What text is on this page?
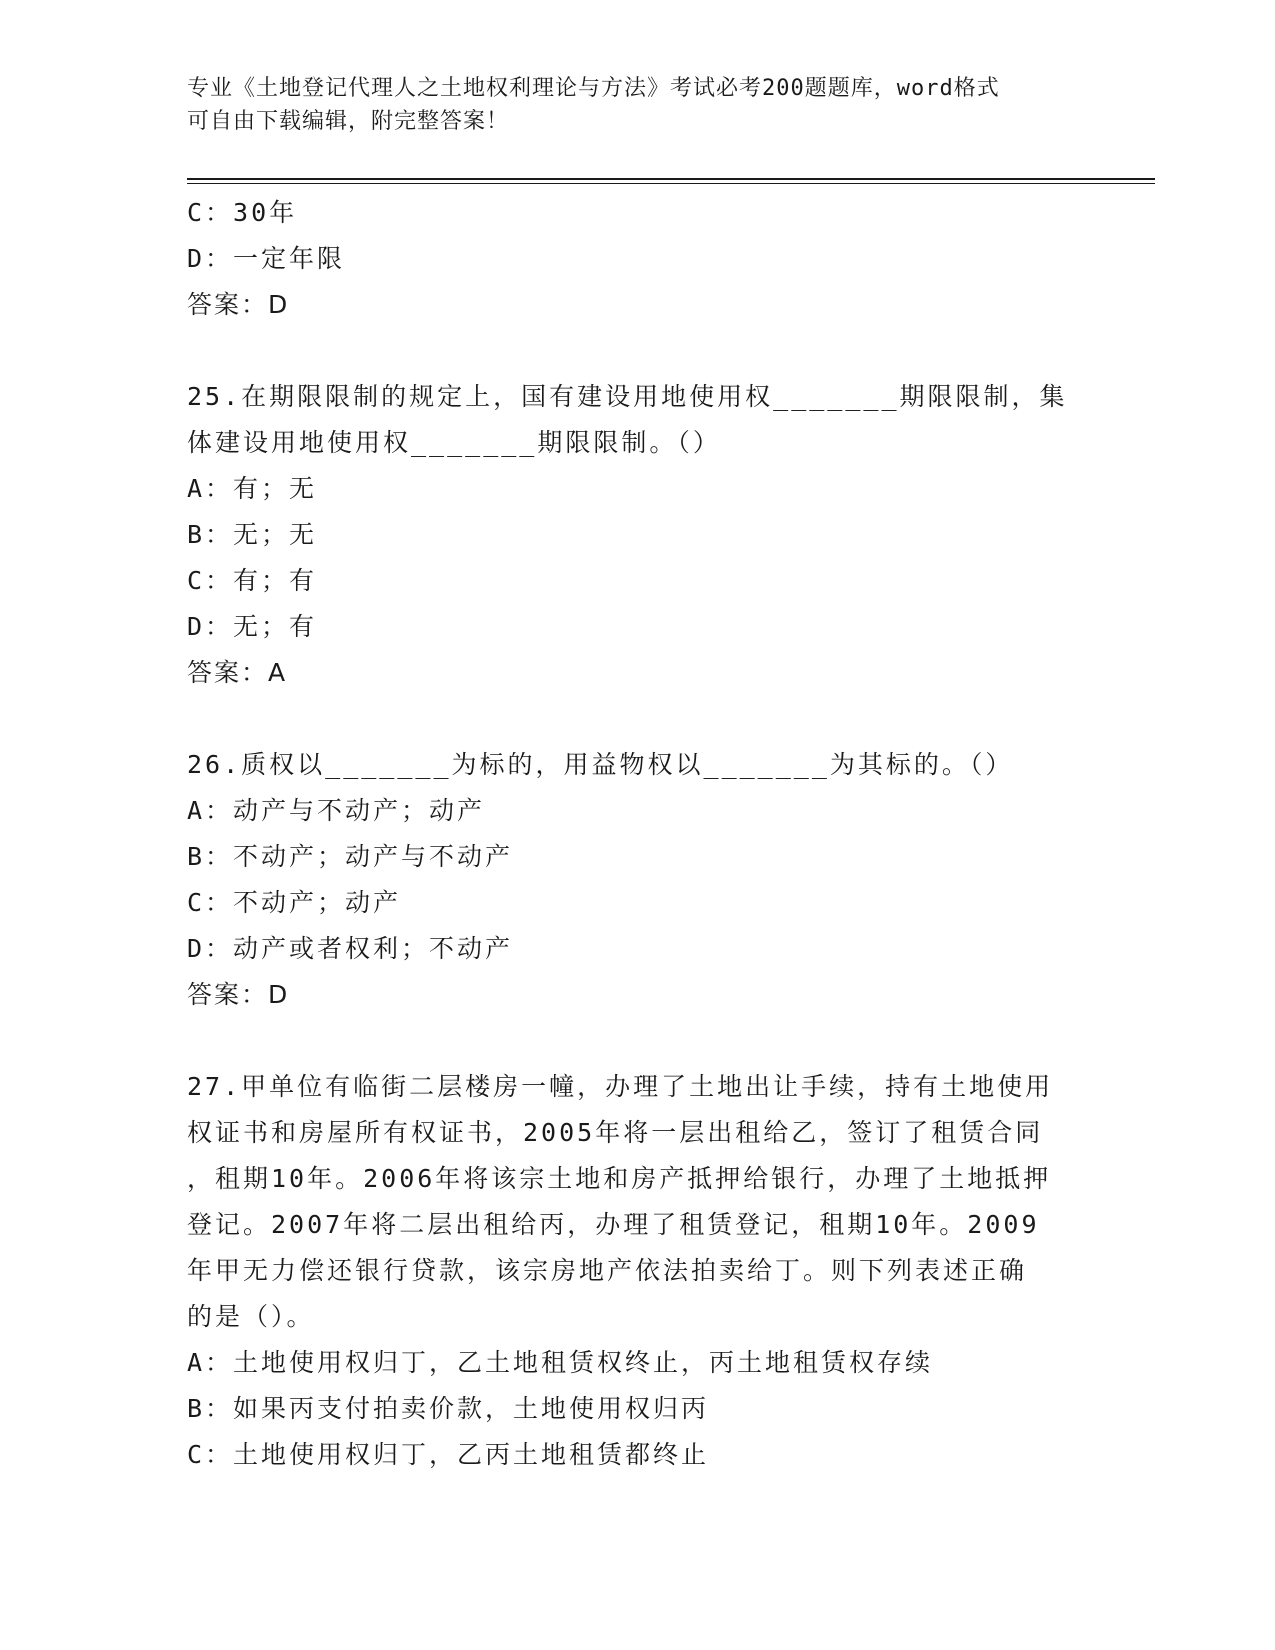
专业《土地登记代理人之土地权利理论与方法》考试必考200题题库，word格式
可自由下载编辑，附完整答案！
C：30年
D：一定年限
答案：D
25.在期限限制的规定上，国有建设用地使用权_______期限限制，集
体建设用地使用权_______期限限制。（）
A：有；无
B：无；无
C：有；有
D：无；有
答案：A
26.质权以_______为标的，用益物权以_______为其标的。（）
A：动产与不动产；动产
B：不动产；动产与不动产
C：不动产；动产
D：动产或者权利；不动产
答案：D
27.甲单位有临街二层楼房一幢，办理了土地出让手续，持有土地使用
权证书和房屋所有权证书，2005年将一层出租给乙，签订了租赁合同
，租期10年。2006年将该宗土地和房产抵押给银行，办理了土地抵押
登记。2007年将二层出租给丙，办理了租赁登记，租期10年。2009
年甲无力偿还银行贷款，该宗房地产依法拍卖给丁。则下列表述正确
的是（）。
A：土地使用权归丁，乙土地租赁权终止，丙土地租赁权存续
B：如果丙支付拍卖价款，土地使用权归丙
C：土地使用权归丁，乙丙土地租赁都终止
